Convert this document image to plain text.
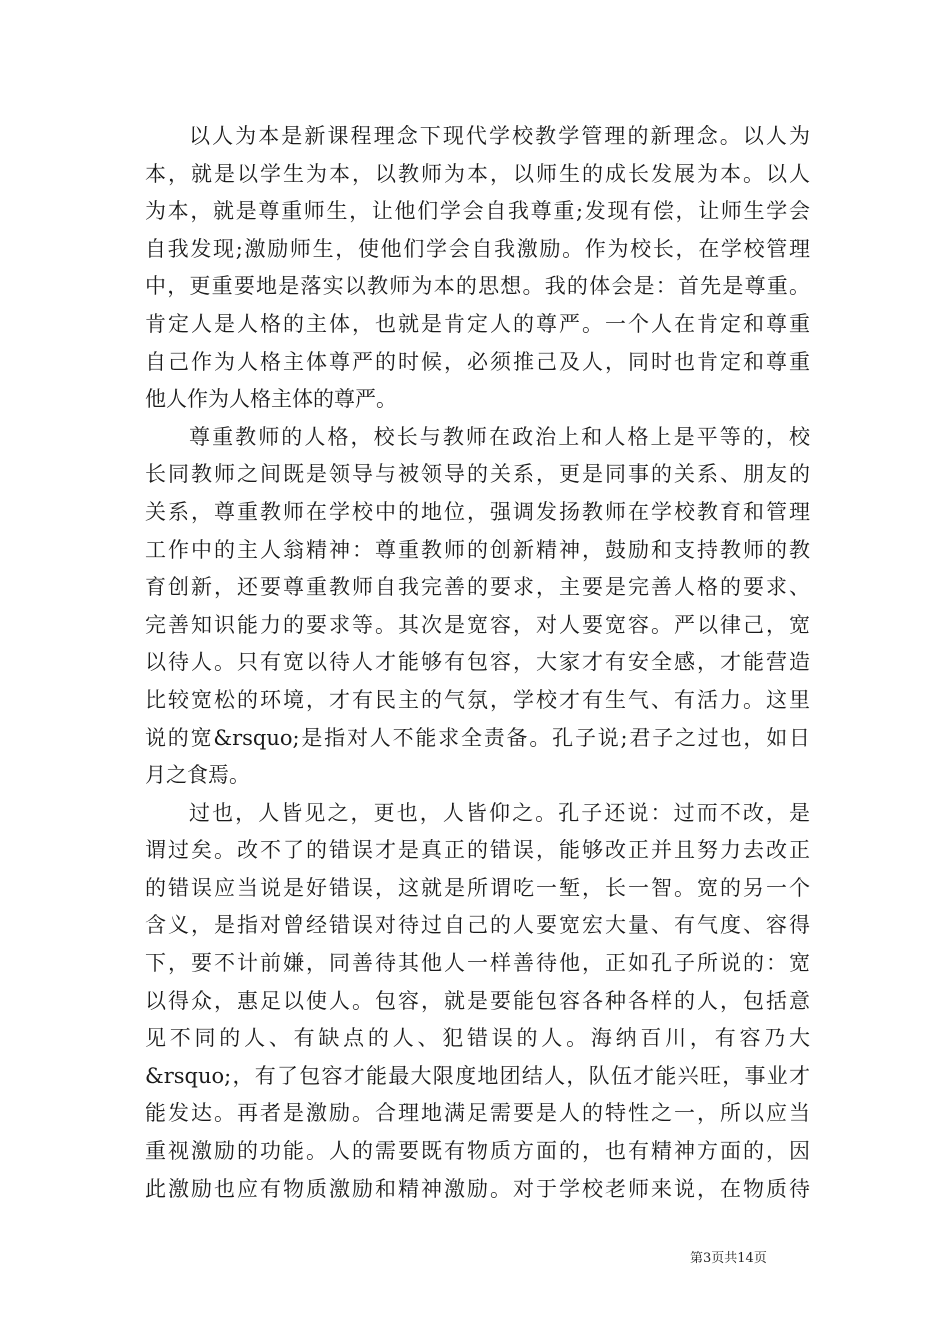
以人为本是新课程理念下现代学校教学管理的新理念。以人为
本，就是以学生为本，以教师为本，以师生的成长发展为本。以人
为本，就是尊重师生，让他们学会自我尊重;发现有偿，让师生学会
自我发现;激励师生，使他们学会自我激励。作为校长，在学校管理
中，更重要地是落实以教师为本的思想。我的体会是：首先是尊重。
肯定人是人格的主体，也就是肯定人的尊严。一个人在肯定和尊重
自己作为人格主体尊严的时候，必须推己及人，同时也肯定和尊重
他人作为人格主体的尊严。
尊重教师的人格，校长与教师在政治上和人格上是平等的，校
长同教师之间既是领导与被领导的关系，更是同事的关系、朋友的
关系，尊重教师在学校中的地位，强调发扬教师在学校教育和管理
工作中的主人翁精神：尊重教师的创新精神，鼓励和支持教师的教
育创新，还要尊重教师自我完善的要求，主要是完善人格的要求、
完善知识能力的要求等。其次是宽容，对人要宽容。严以律己，宽
以待人。只有宽以待人才能够有包容，大家才有安全感，才能营造
比较宽松的环境，才有民主的气氛，学校才有生气、有活力。这里
说的宽&rsquo;是指对人不能求全责备。孔子说;君子之过也，如日
月之食焉。
过也，人皆见之，更也，人皆仰之。孔子还说：过而不改，是
谓过矣。改不了的错误才是真正的错误，能够改正并且努力去改正
的错误应当说是好错误，这就是所谓吃一堑，长一智。宽的另一个
含义，是指对曾经错误对待过自己的人要宽宏大量、有气度、容得
下，要不计前嫌，同善待其他人一样善待他，正如孔子所说的：宽
以得众，惠足以使人。包容，就是要能包容各种各样的人，包括意
见不同的人、有缺点的人、犯错误的人。海纳百川，有容乃大
&rsquo;，有了包容才能最大限度地团结人，队伍才能兴旺，事业才
能发达。再者是激励。合理地满足需要是人的特性之一，所以应当
重视激励的功能。人的需要既有物质方面的，也有精神方面的，因
此激励也应有物质激励和精神激励。对于学校老师来说，在物质待
第3页共14页
